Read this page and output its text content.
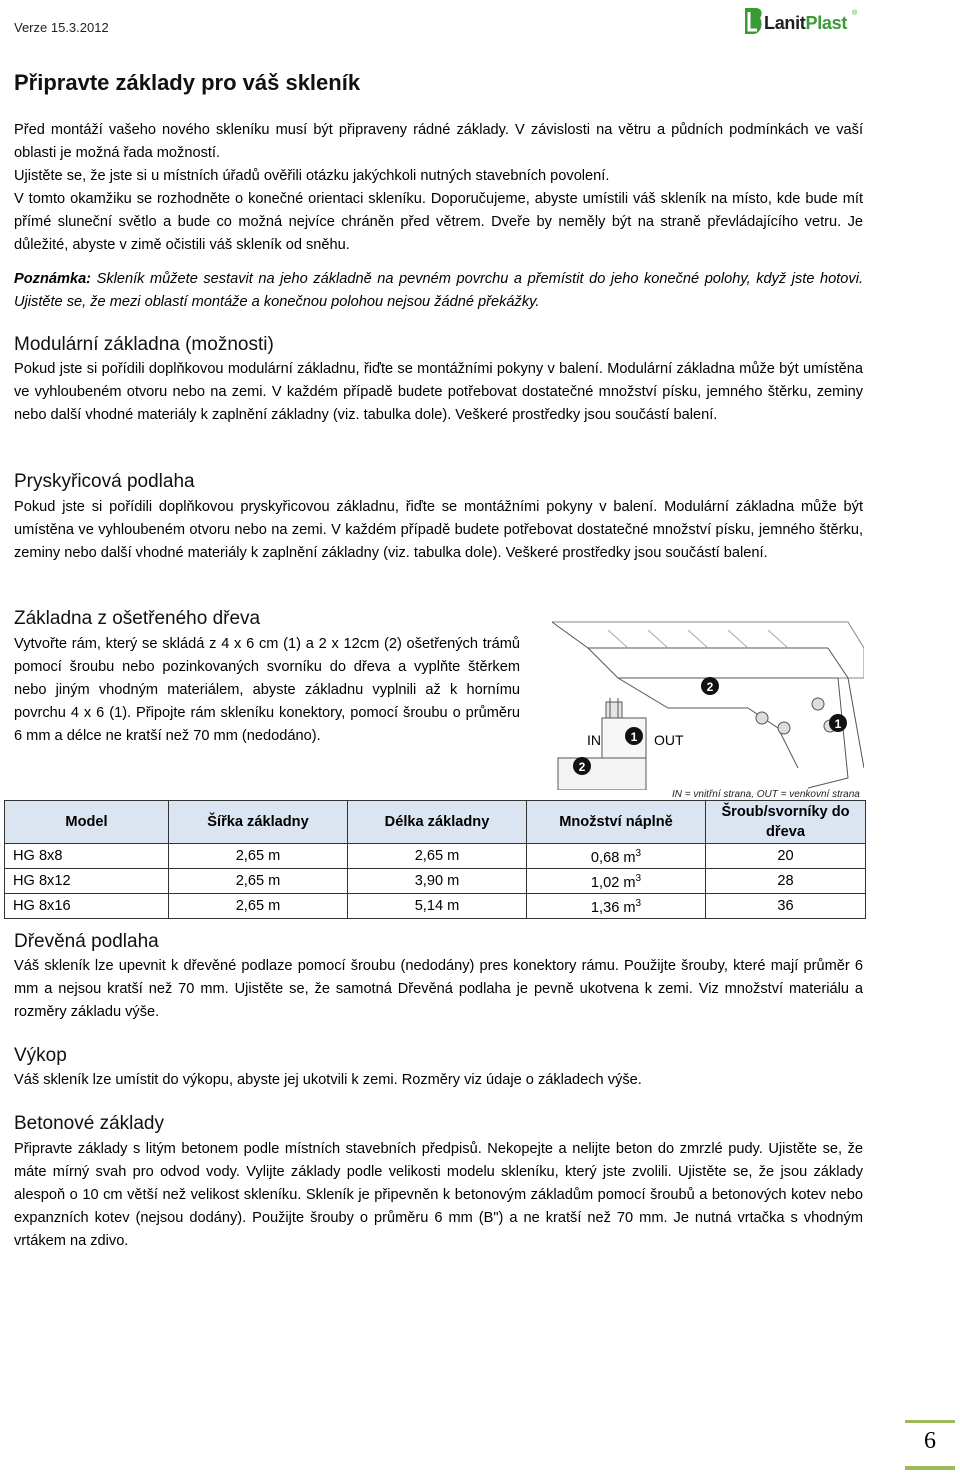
Verze 15.3.2012	LanitPlast ®
Připravte základy pro váš skleník
Před montáží vašeho nového skleníku musí být připraveny rádné základy. V závislosti na větru a půdních podmínkách ve vaší oblasti je možná řada možností.
Ujistěte se, že jste si u místních úřadů ověřili otázku jakýchkoli nutných stavebních povolení.
V tomto okamžiku se rozhodněte o konečné orientaci skleníku. Doporučujeme, abyste umístili váš skleník na místo, kde bude mít přímé sluneční světlo a bude co možná nejvíce chráněn před větrem. Dveře by neměly být na straně převládajícího vetru. Je důležité, abyste v zimě očistili váš skleník od sněhu.
Poznámka: Skleník můžete sestavit na jeho základně na pevném povrchu a přemístit do jeho konečné polohy, když jste hotovi. Ujistěte se, že mezi oblastí montáže a konečnou polohou nejsou žádné překážky.
Modulární základna (možnosti)

Pokud jste si pořídili doplňkovou modulární základnu, řiďte se montážními pokyny v balení. Modulární základna může být umístěna ve vyhloubeném otvoru nebo na zemi. V každém případě budete potřebovat dostatečné množství písku, jemného štěrku, zeminy nebo další vhodné materiály k zaplnění základny (viz. tabulka dole). Veškeré prostředky jsou součástí balení.

Pryskyřicová podlaha

Pokud jste si pořídili doplňkovou pryskyřicovou základnu, řiďte se montážními pokyny v balení. Modulární základna může být umístěna ve vyhloubeném otvoru nebo na zemi. V každém případě budete potřebovat dostatečné množství písku, jemného štěrku, zeminy nebo další vhodné materiály k zaplnění základny (viz. tabulka dole). Veškeré prostředky jsou součástí balení.

Základna z ošetřeného dřeva

Vytvořte rám, který se skládá z 4 x 6 cm (1) a 2 x 12cm (2) ošetřených trámů pomocí šroubu nebo pozinkovaných svorníku do dřeva a vyplňte štěrkem nebo jiným vhodným materiálem, abyste základnu vyplnili až k hornímu povrchu 4 x 6 (1). Připojte rám skleníku konektory, pomocí šroubu o průměru 6 mm a délce ne kratší než 70 mm (nedodáno).	IN	OUT
1
2
1
2
IN = vnitřní strana, OUT = venkovní strana
Model	Šířka základny	Délka základny	Množství náplně	Šroub/svorníky do dřeva
HG 8x8	2,65 m	2,65 m	0,68 $m^3$	20
HG 8x12	2,65 m	3,90 m	1,02 $m^3$	28
HG 8x16	2,65 m	5,14 m	1,36 $m^3$	36
Dřevěná podlaha

Váš skleník lze upevnit k dřevěné podlaze pomocí šroubu (nedodány) pres konektory rámu. Použijte šrouby, které mají průměr 6 mm a nejsou kratší než 70 mm. Ujistěte se, že samotná Dřevěná podlaha je pevně ukotvena k zemi. Viz množství materiálu a rozměry základu výše.

Výkop

Váš skleník lze umístit do výkopu, abyste jej ukotvili k zemi. Rozměry viz údaje o základech výše.

Betonové základy

Připravte základy s litým betonem podle místních stavebních předpisů. Nekopejte a nelijte beton do zmrzlé pudy. Ujistěte se, že máte mírný svah pro odvod vody. Vylijte základy podle velikosti modelu skleníku, který jste zvolili. Ujistěte se, že jsou základy alespoň o 10 cm větší než velikost skleníku. Skleník je připevněn k betonovým základům pomocí šroubů a betonových kotev nebo expanzních kotev (nejsou dodány). Použijte šrouby o průměru 6 mm (B") a ne kratší než 70 mm. Je nutná vrtačka s vhodným vrtákem na zdivo.

6
